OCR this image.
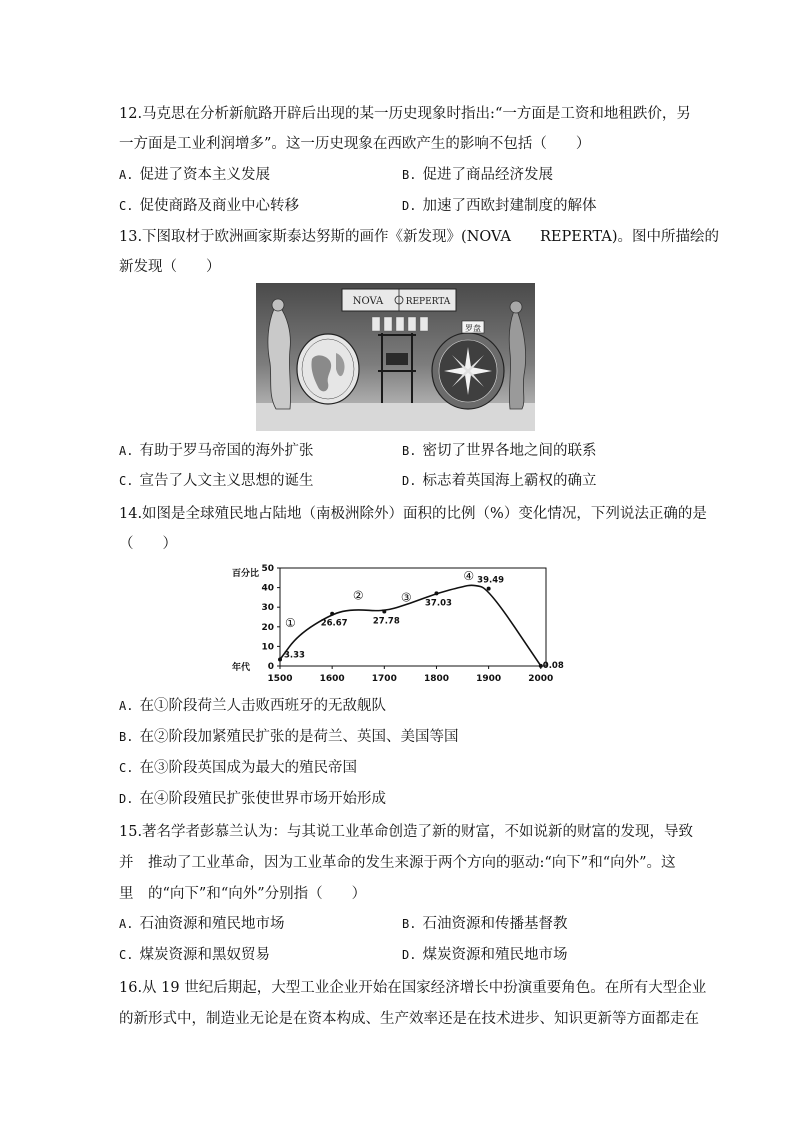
12.马克思在分析新航路开辟后出现的某一历史现象时指出:“一方面是工资和地租跌价，另
一方面是工业利润增多”。这一历史现象在西欧产生的影响不包括（　　）
A. 促进了资本主义发展	B. 促进了商品经济发展
C. 促使商路及商业中心转移	D. 加速了西欧封建制度的解体
13.下图取材于欧洲画家斯泰达努斯的画作《新发现》(NOVA　　REPERTA)。图中所描绘的
新发现（　　）
NOVA REPERTA
罗盘
A. 有助于罗马帝国的海外扩张	B. 密切了世界各地之间的联系
C. 宣告了人文主义思想的诞生	D. 标志着英国海上霸权的确立
14.如图是全球殖民地占陆地（南极洲除外）面积的比例（%）变化情况，下列说法正确的是
（　　）
0
10
20
30
40
50
1500	1600	1700	1800	1900	2000
3.33
26.67	27.78
37.03
39.49
0.08
①
②	③
④
百分比
年代
A. 在①阶段荷兰人击败西班牙的无敌舰队
B. 在②阶段加紧殖民扩张的是荷兰、英国、美国等国
C. 在③阶段英国成为最大的殖民帝国
D. 在④阶段殖民扩张使世界市场开始形成
15.著名学者彭慕兰认为：与其说工业革命创造了新的财富，不如说新的财富的发现，导致
并　推动了工业革命，因为工业革命的发生来源于两个方向的驱动:“向下”和“向外”。这
里　的“向下”和“向外”分别指（　　）
A. 石油资源和殖民地市场	B. 石油资源和传播基督教
C. 煤炭资源和黑奴贸易	D. 煤炭资源和殖民地市场
16.从 19 世纪后期起，大型工业企业开始在国家经济增长中扮演重要角色。在所有大型企业
的新形式中，制造业无论是在资本构成、生产效率还是在技术进步、知识更新等方面都走在
